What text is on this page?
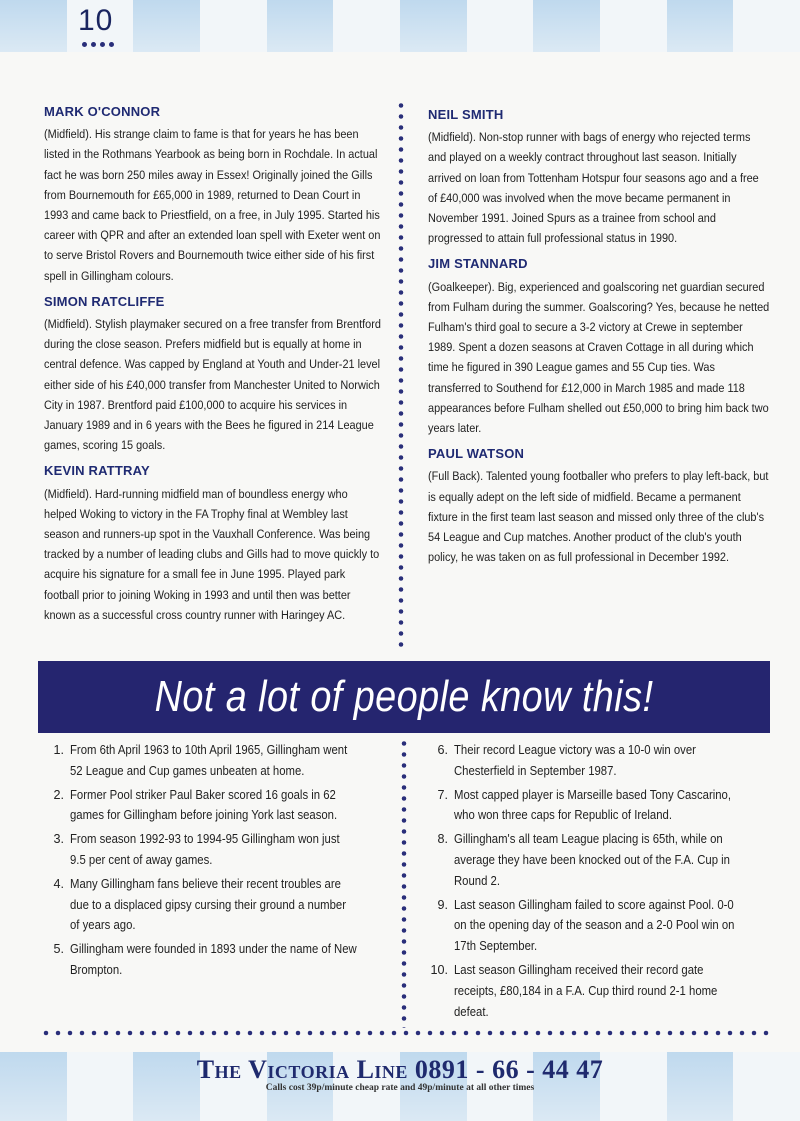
10
MARK O'CONNOR

(Midfield). His strange claim to fame is that for years he has been listed in the Rothmans Yearbook as being born in Rochdale. In actual fact he was born 250 miles away in Essex! Originally joined the Gills from Bournemouth for £65,000 in 1989, returned to Dean Court in 1993 and came back to Priestfield, on a free, in July 1995. Started his career with QPR and after an extended loan spell with Exeter went on to serve Bristol Rovers and Bournemouth twice either side of his first spell in Gillingham colours.

SIMON RATCLIFFE

(Midfield). Stylish playmaker secured on a free transfer from Brentford during the close season. Prefers midfield but is equally at home in central defence. Was capped by England at Youth and Under-21 level either side of his £40,000 transfer from Manchester United to Norwich City in 1987. Brentford paid £100,000 to acquire his services in January 1989 and in 6 years with the Bees he figured in 214 League games, scoring 15 goals.

KEVIN RATTRAY

(Midfield). Hard-running midfield man of boundless energy who helped Woking to victory in the FA Trophy final at Wembley last season and runners-up spot in the Vauxhall Conference. Was being tracked by a number of leading clubs and Gills had to move quickly to acquire his signature for a small fee in June 1995. Played park football prior to joining Woking in 1993 and until then was better known as a successful cross country runner with Haringey AC.

NEIL SMITH

(Midfield). Non-stop runner with bags of energy who rejected terms and played on a weekly contract throughout last season. Initially arrived on loan from Tottenham Hotspur four seasons ago and a free of £40,000 was involved when the move became permanent in November 1991. Joined Spurs as a trainee from school and progressed to attain full professional status in 1990.

JIM STANNARD

(Goalkeeper). Big, experienced and goalscoring net guardian secured from Fulham during the summer. Goalscoring? Yes, because he netted Fulham's third goal to secure a 3-2 victory at Crewe in september 1989. Spent a dozen seasons at Craven Cottage in all during which time he figured in 390 League games and 55 Cup ties. Was transferred to Southend for £12,000 in March 1985 and made 118 appearances before Fulham shelled out £50,000 to bring him back two years later.

PAUL WATSON

(Full Back). Talented young footballer who prefers to play left-back, but is equally adept on the left side of midfield. Became a permanent fixture in the first team last season and missed only three of the club's 54 League and Cup matches. Another product of the club's youth policy, he was taken on as full professional in December 1992.

Not a lot of people know this!
1. From 6th April 1963 to 10th April 1965, Gillingham went 52 League and Cup games unbeaten at home.
2. Former Pool striker Paul Baker scored 16 goals in 62 games for Gillingham before joining York last season.
3. From season 1992-93 to 1994-95 Gillingham won just 9.5 per cent of away games.
4. Many Gillingham fans believe their recent troubles are due to a displaced gipsy cursing their ground a number of years ago.
5. Gillingham were founded in 1893 under the name of New Brompton.
6. Their record League victory was a 10-0 win over Chesterfield in September 1987.
7. Most capped player is Marseille based Tony Cascarino, who won three caps for Republic of Ireland.
8. Gillingham's all team League placing is 65th, while on average they have been knocked out of the F.A. Cup in Round 2.
9. Last season Gillingham failed to score against Pool. 0-0 on the opening day of the season and a 2-0 Pool win on 17th September.
10. Last season Gillingham received their record gate receipts, £80,184 in a F.A. Cup third round 2-1 home defeat.
The Victoria Line 0891 - 66 - 44 47
Calls cost 39p/minute cheap rate and 49p/minute at all other times
